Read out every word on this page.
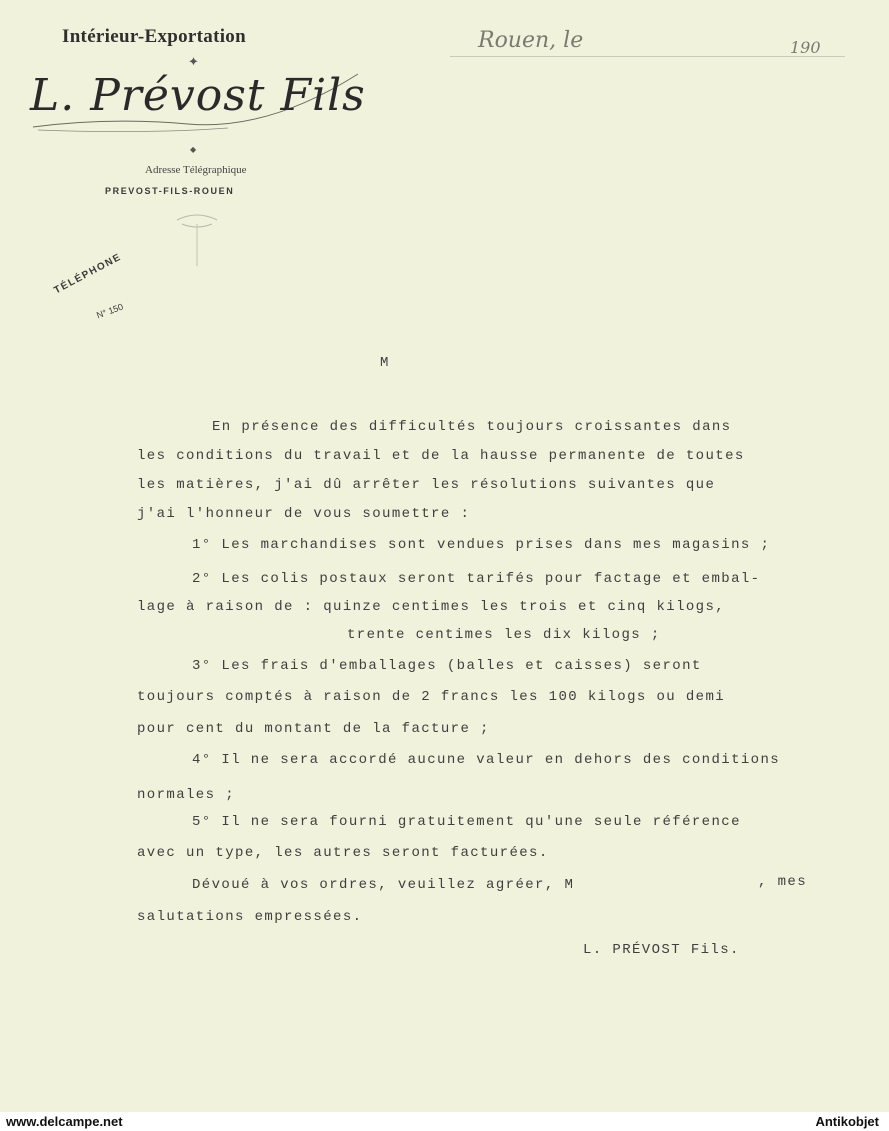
Intérieur-Exportation
✦
L. Prévost Fils
◆
Adresse Télégraphique
PREVOST-FILS-ROUEN
Rouen, le	190
TÉLÉPHONE
N° 150
M
En présence des difficultés toujours croissantes dans
les conditions du travail et de la hausse permanente de toutes
les matières, j'ai dû arrêter les résolutions suivantes que
j'ai l'honneur de vous soumettre :
1° Les marchandises sont vendues prises dans mes magasins ;
2° Les colis postaux seront tarifés pour factage et embal-
lage à raison de : quinze centimes les trois et cinq kilogs,
trente centimes les dix kilogs ;
3° Les frais d'emballages (balles et caisses) seront
toujours comptés à raison de 2 francs les 100 kilogs ou demi
pour cent du montant de la facture ;
4° Il ne sera accordé aucune valeur en dehors des conditions
normales ;
5° Il ne sera fourni gratuitement qu'une seule référence
avec un type, les autres seront facturées.
Dévoué à vos ordres, veuillez agréer, M	, mes
salutations empressées.
L. PRÉVOST Fils.
www.delcampe.net	Antikobjet
